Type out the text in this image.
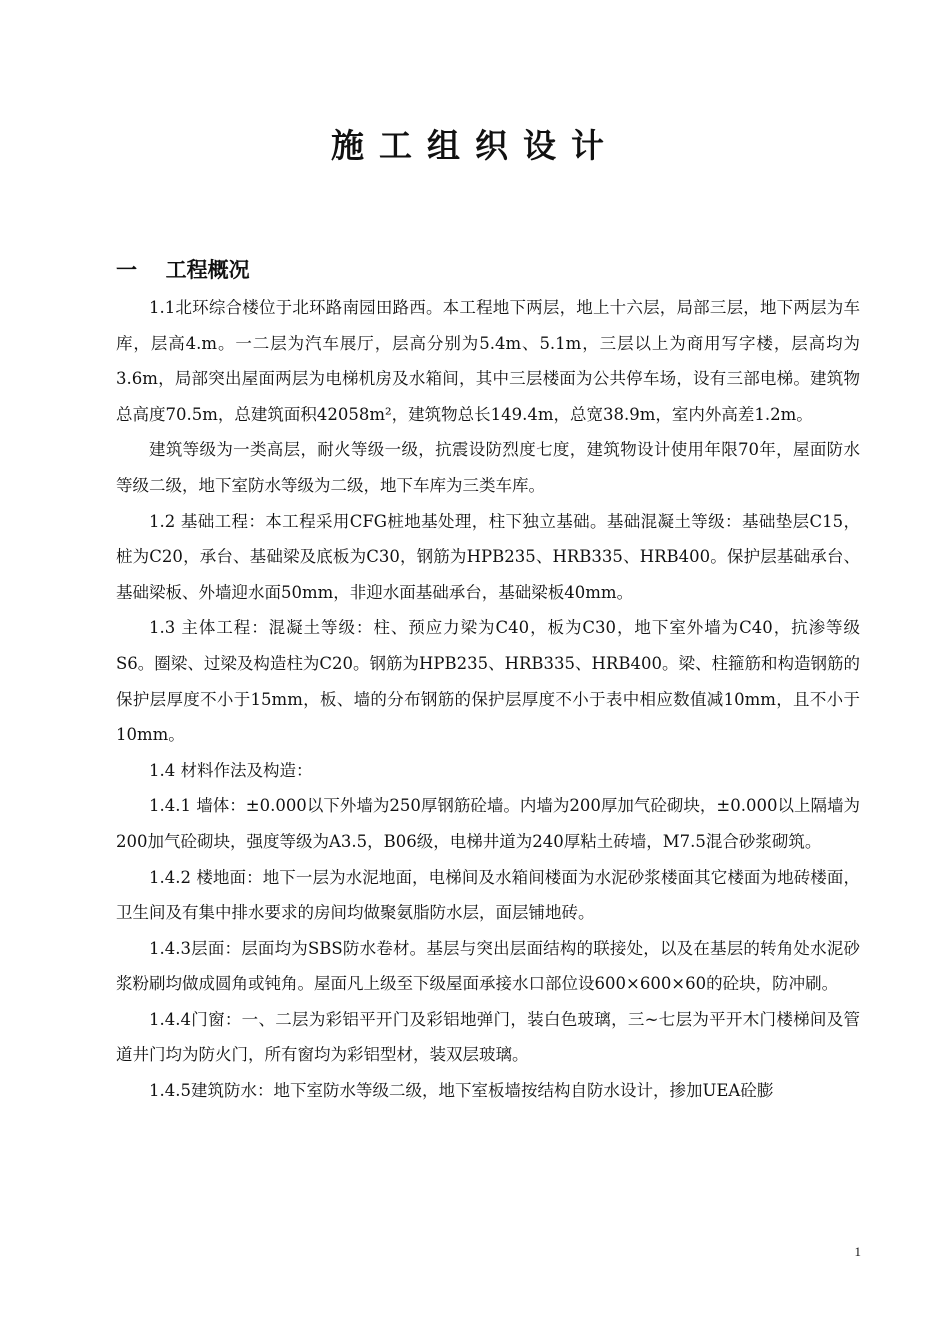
施工组织设计
一 工程概况

1.1北环综合楼位于北环路南园田路西。本工程地下两层，地上十六层，局部三层，地下两层为车库，层高4.m。一二层为汽车展厅，层高分别为5.4m、5.1m，三层以上为商用写字楼，层高均为3.6m，局部突出屋面两层为电梯机房及水箱间，其中三层楼面为公共停车场，设有三部电梯。建筑物总高度70.5m，总建筑面积42058m²，建筑物总长149.4m，总宽38.9m，室内外高差1.2m。

建筑等级为一类高层，耐火等级一级，抗震设防烈度七度，建筑物设计使用年限70年，屋面防水等级二级，地下室防水等级为二级，地下车库为三类车库。

1.2 基础工程：本工程采用CFG桩地基处理，柱下独立基础。基础混凝土等级：基础垫层C15，桩为C20，承台、基础梁及底板为C30，钢筋为HPB235、HRB335、HRB400。保护层基础承台、基础梁板、外墙迎水面50mm，非迎水面基础承台，基础梁板40mm。

1.3 主体工程：混凝土等级：柱、预应力梁为C40，板为C30，地下室外墙为C40，抗渗等级S6。圈梁、过梁及构造柱为C20。钢筋为HPB235、HRB335、HRB400。梁、柱箍筋和构造钢筋的保护层厚度不小于15mm，板、墙的分布钢筋的保护层厚度不小于表中相应数值减10mm，且不小于10mm。

1.4 材料作法及构造：

1.4.1 墙体：±0.000以下外墙为250厚钢筋砼墙。内墙为200厚加气砼砌块，±0.000以上隔墙为200加气砼砌块，强度等级为A3.5，B06级，电梯井道为240厚粘土砖墙，M7.5混合砂浆砌筑。

1.4.2 楼地面：地下一层为水泥地面，电梯间及水箱间楼面为水泥砂浆楼面其它楼面为地砖楼面，卫生间及有集中排水要求的房间均做聚氨脂防水层，面层铺地砖。

1.4.3层面：层面均为SBS防水卷材。基层与突出层面结构的联接处，以及在基层的转角处水泥砂浆粉刷均做成圆角或钝角。屋面凡上级至下级屋面承接水口部位设600×600×60的砼块，防冲刷。

1.4.4门窗：一、二层为彩铝平开门及彩铝地弹门，装白色玻璃，三~七层为平开木门楼梯间及管道井门均为防火门，所有窗均为彩铝型材，装双层玻璃。

1.4.5建筑防水：地下室防水等级二级，地下室板墙按结构自防水设计，掺加UEA砼膨

1
